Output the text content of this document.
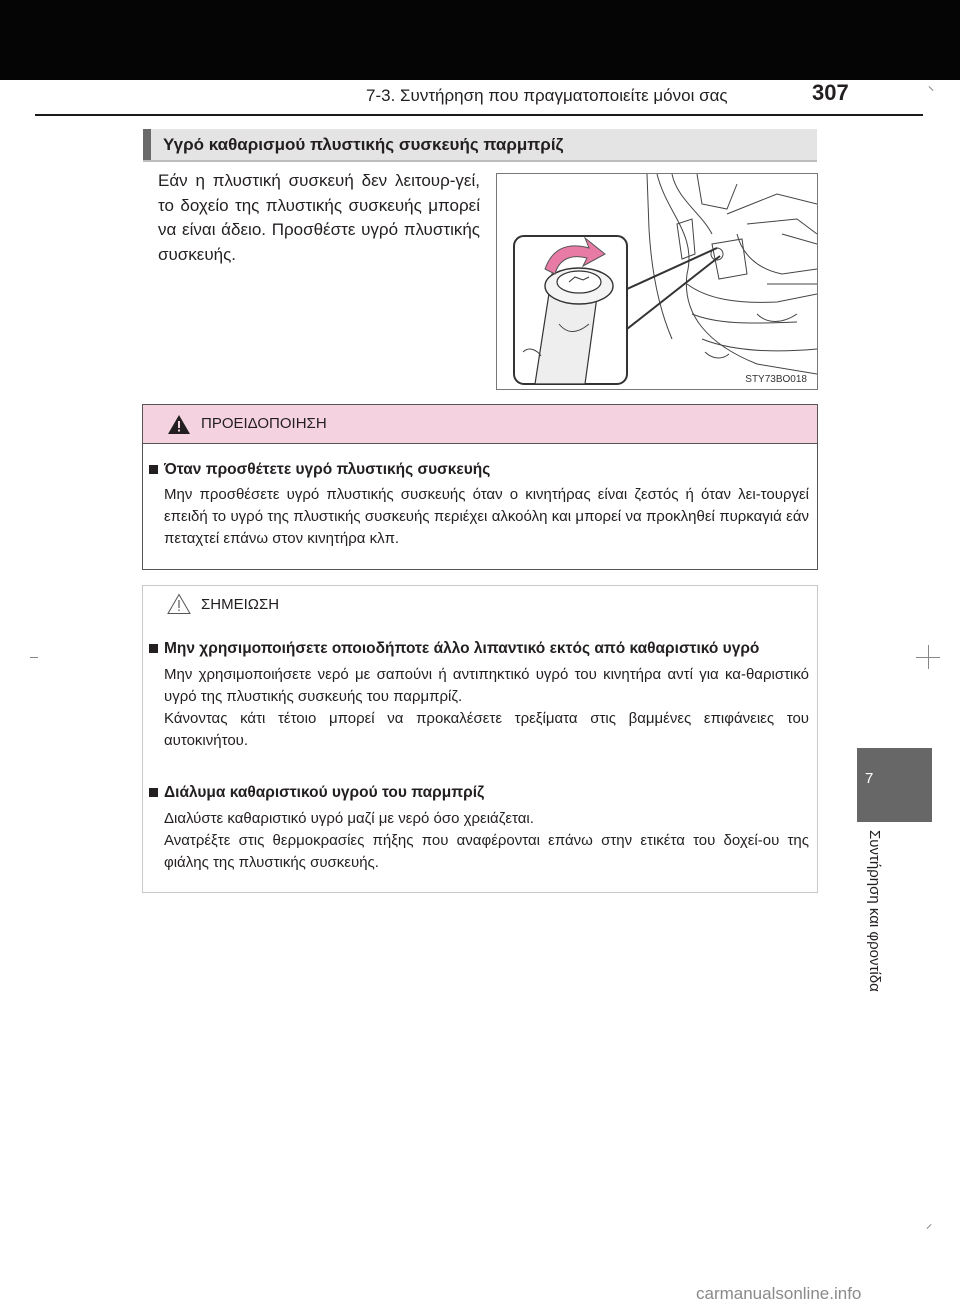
7-3. Συντήρηση που πραγματοποιείτε μόνοι σας	307
7
Συντήρηση και φροντίδα
Υγρό καθαρισμού πλυστικής συσκευής παρμπρίζ
Εάν η πλυστική συσκευή δεν λειτουρ-γεί, το δοχείο της πλυστικής συσκευής μπορεί να είναι άδειο. Προσθέστε υγρό πλυστικής συσκευής.
STY73BO018
ΠΡΟΕΙΔΟΠΟΙΗΣΗ
Όταν προσθέτετε υγρό πλυστικής συσκευής
Μην προσθέσετε υγρό πλυστικής συσκευής όταν ο κινητήρας είναι ζεστός ή όταν λει-τουργεί επειδή το υγρό της πλυστικής συσκευής περιέχει αλκοόλη και μπορεί να προκληθεί πυρκαγιά εάν πεταχτεί επάνω στον κινητήρα κλπ.
ΣΗΜΕΙΩΣΗ
Μην χρησιμοποιήσετε οποιοδήποτε άλλο λιπαντικό εκτός από καθαριστικό υγρό
Μην χρησιμοποιήσετε νερό με σαπούνι ή αντιπηκτικό υγρό του κινητήρα αντί για κα-θαριστικό υγρό της πλυστικής συσκευής του παρμπρίζ.
Κάνοντας κάτι τέτοιο μπορεί να προκαλέσετε τρεξίματα στις βαμμένες επιφάνειες του αυτοκινήτου.
Διάλυμα καθαριστικού υγρού του παρμπρίζ
Διαλύστε καθαριστικό υγρό μαζί με νερό όσο χρειάζεται.
Ανατρέξτε στις θερμοκρασίες πήξης που αναφέρονται επάνω στην ετικέτα του δοχεί-ου της φιάλης της πλυστικής συσκευής.
carmanualsonline.info
